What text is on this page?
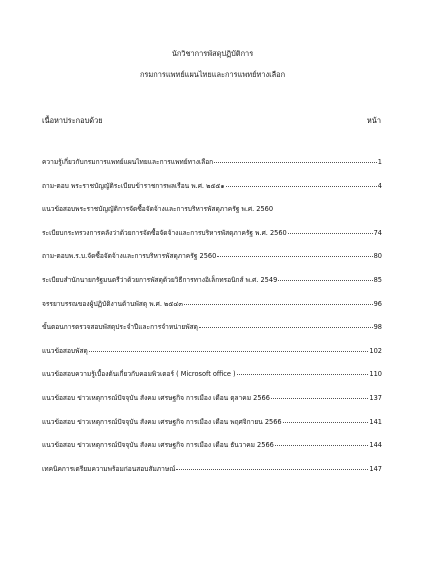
นักวิชาการพัสดุปฏิบัติการ
กรมการแพทย์แผนไทยและการแพทย์ทางเลือก
เนื้อหาประกอบด้วย	หน้า
ความรู้เกี่ยวกับกรมการแพทย์แผนไทยและการแพทย์ทางเลือก	1
ถาม-ตอบ พระราชบัญญัติระเบียบข้าราชการพลเรือน พ.ศ. ๒๕๕๑	4
แนวข้อสอบพระราชบัญญัติการจัดซื้อจัดจ้างและการบริหารพัสดุภาครัฐ พ.ศ. 2560
ระเบียบกระทรวงการคลังว่าด้วยการจัดซื้อจัดจ้างและการบริหารพัสดุภาครัฐ พ.ศ. 2560	74
ถาม-ตอบพ.ร.บ.จัดซื้อจัดจ้างและการบริหารพัสดุภาครัฐ 2560	80
ระเบียบสำนักนายกรัฐมนตรีว่าด้วยการพัสดุด้วยวิธีการทางอิเล็กทรอนิกส์ พ.ศ. 2549	85
จรรยาบรรณของผู้ปฏิบัติงานด้านพัสดุ พ.ศ. ๒๕๔๓	96
ขั้นตอนการตรวจสอบพัสดุประจำปีและการจำหน่ายพัสดุ	98
แนวข้อสอบพัสดุ	102
แนวข้อสอบความรู้เบื้องต้นเกี่ยวกับคอมพิวเตอร์ ( Microsoft office )	110
แนวข้อสอบ ข่าวเหตุการณ์ปัจจุบัน สังคม เศรษฐกิจ การเมือง เดือน ตุลาคม 2566	137
แนวข้อสอบ ข่าวเหตุการณ์ปัจจุบัน สังคม เศรษฐกิจ การเมือง เดือน พฤศจิกายน 2566	141
แนวข้อสอบ ข่าวเหตุการณ์ปัจจุบัน สังคม เศรษฐกิจ การเมือง เดือน ธันวาคม 2566	144
เทคนิคการเตรียมความพร้อมก่อนสอบสัมภาษณ์	147
